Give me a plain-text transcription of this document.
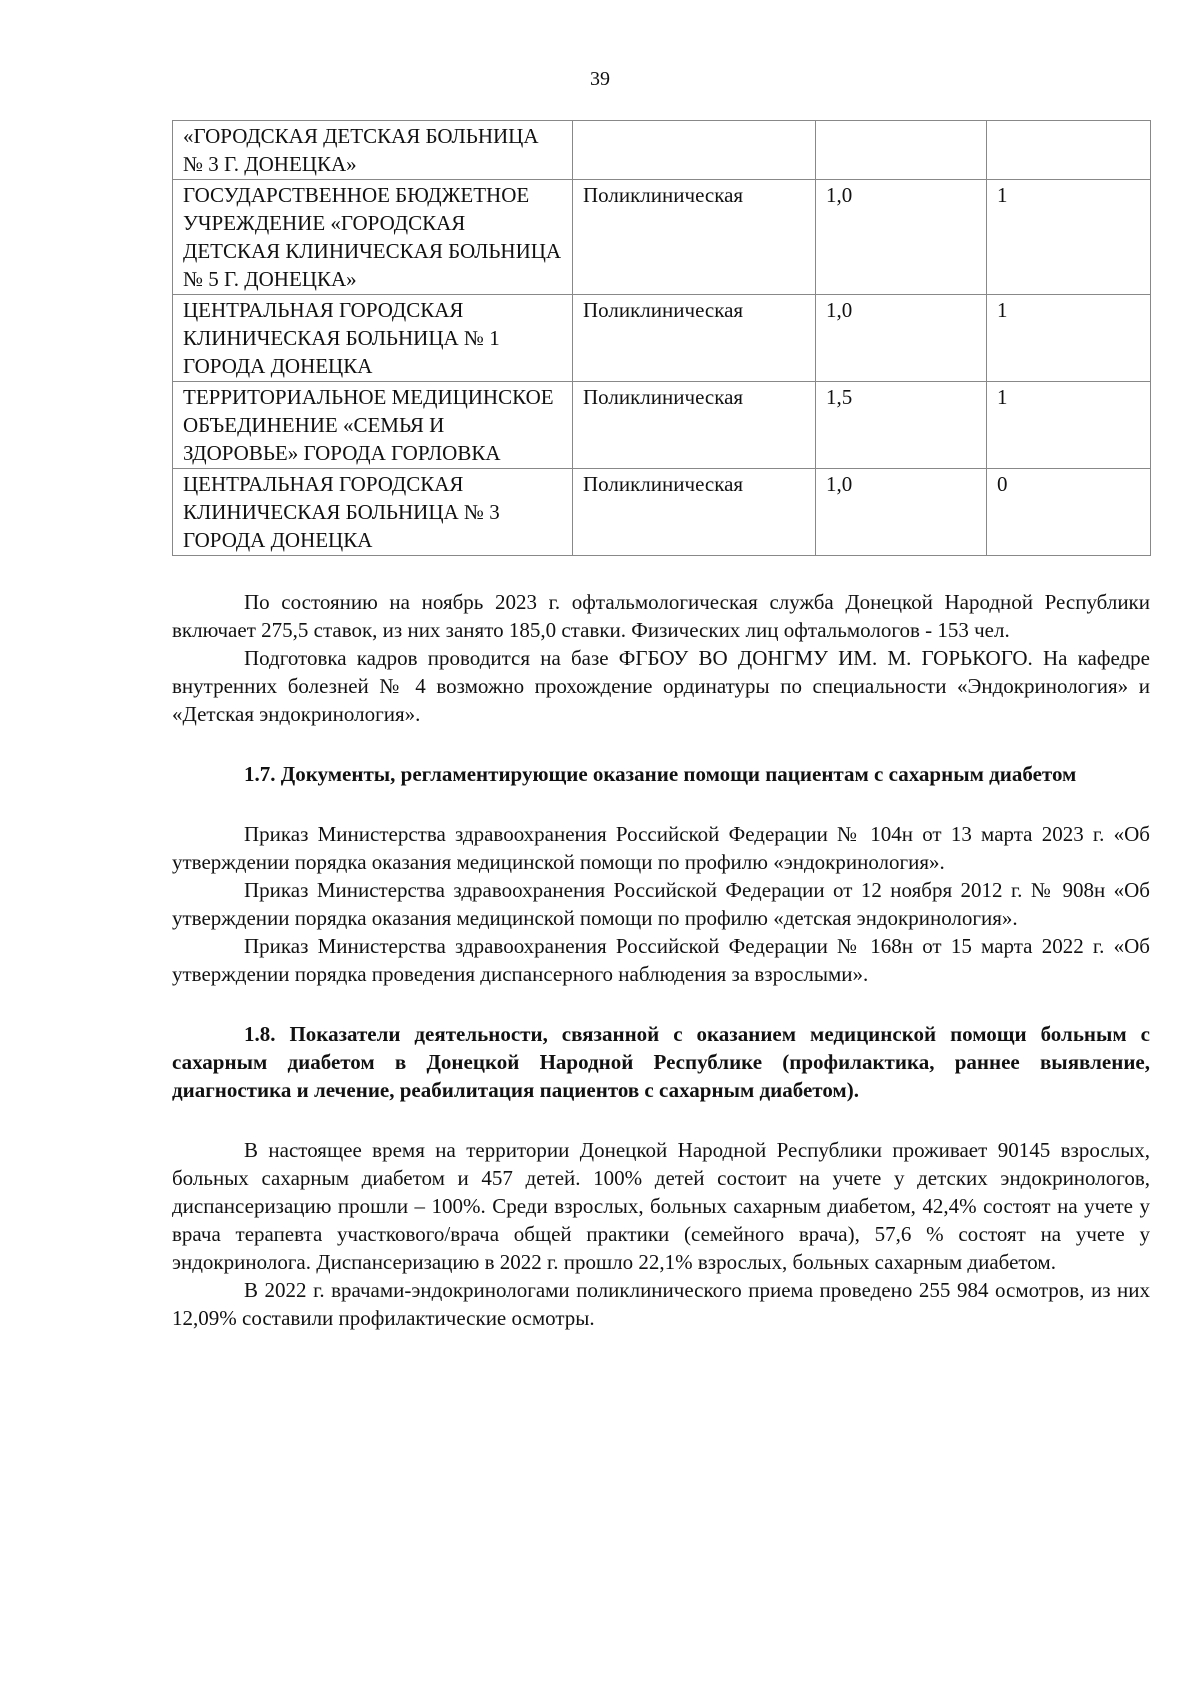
39
«ГОРОДСКАЯ ДЕТСКАЯ БОЛЬНИЦА № 3 Г. ДОНЕЦКА»			
ГОСУДАРСТВЕННОЕ БЮДЖЕТНОЕ УЧРЕЖДЕНИЕ «ГОРОДСКАЯ ДЕТСКАЯ КЛИНИЧЕСКАЯ БОЛЬНИЦА № 5 Г. ДОНЕЦКА»	Поликлиническая	1,0	1
ЦЕНТРАЛЬНАЯ ГОРОДСКАЯ КЛИНИЧЕСКАЯ БОЛЬНИЦА № 1 ГОРОДА ДОНЕЦКА	Поликлиническая	1,0	1
ТЕРРИТОРИАЛЬНОЕ МЕДИЦИНСКОЕ ОБЪЕДИНЕНИЕ «СЕМЬЯ И ЗДОРОВЬЕ» ГОРОДА ГОРЛОВКА	Поликлиническая	1,5	1
ЦЕНТРАЛЬНАЯ ГОРОДСКАЯ КЛИНИЧЕСКАЯ БОЛЬНИЦА № 3 ГОРОДА ДОНЕЦКА	Поликлиническая	1,0	0

По состоянию на ноябрь 2023 г. офтальмологическая служба Донецкой Народной Республики включает 275,5 ставок, из них занято 185,0 ставки. Физических лиц офтальмологов - 153 чел.

Подготовка кадров проводится на базе ФГБОУ ВО ДОНГМУ ИМ. М. ГОРЬКОГО. На кафедре внутренних болезней № 4 возможно прохождение ординатуры по специальности «Эндокринология» и «Детская эндокринология».

1.7. Документы, регламентирующие оказание помощи пациентам с сахарным диабетом

Приказ Министерства здравоохранения Российской Федерации № 104н от 13 марта 2023 г. «Об утверждении порядка оказания медицинской помощи по профилю «эндокринология».

Приказ Министерства здравоохранения Российской Федерации от 12 ноября 2012 г. № 908н «Об утверждении порядка оказания медицинской помощи по профилю «детская эндокринология».

Приказ Министерства здравоохранения Российской Федерации № 168н от 15 марта 2022 г. «Об утверждении порядка проведения диспансерного наблюдения за взрослыми».

1.8. Показатели деятельности, связанной с оказанием медицинской помощи больным с сахарным диабетом в Донецкой Народной Республике (профилактика, раннее выявление, диагностика и лечение, реабилитация пациентов с сахарным диабетом).

В настоящее время на территории Донецкой Народной Республики проживает 90145 взрослых, больных сахарным диабетом и 457 детей. 100% детей состоит на учете у детских эндокринологов, диспансеризацию прошли – 100%. Среди взрослых, больных сахарным диабетом, 42,4% состоят на учете у врача терапевта участкового/врача общей практики (семейного врача), 57,6 % состоят на учете у эндокринолога. Диспансеризацию в 2022 г. прошло 22,1% взрослых, больных сахарным диабетом.

В 2022 г. врачами-эндокринологами поликлинического приема проведено 255 984 осмотров, из них 12,09% составили профилактические осмотры.
